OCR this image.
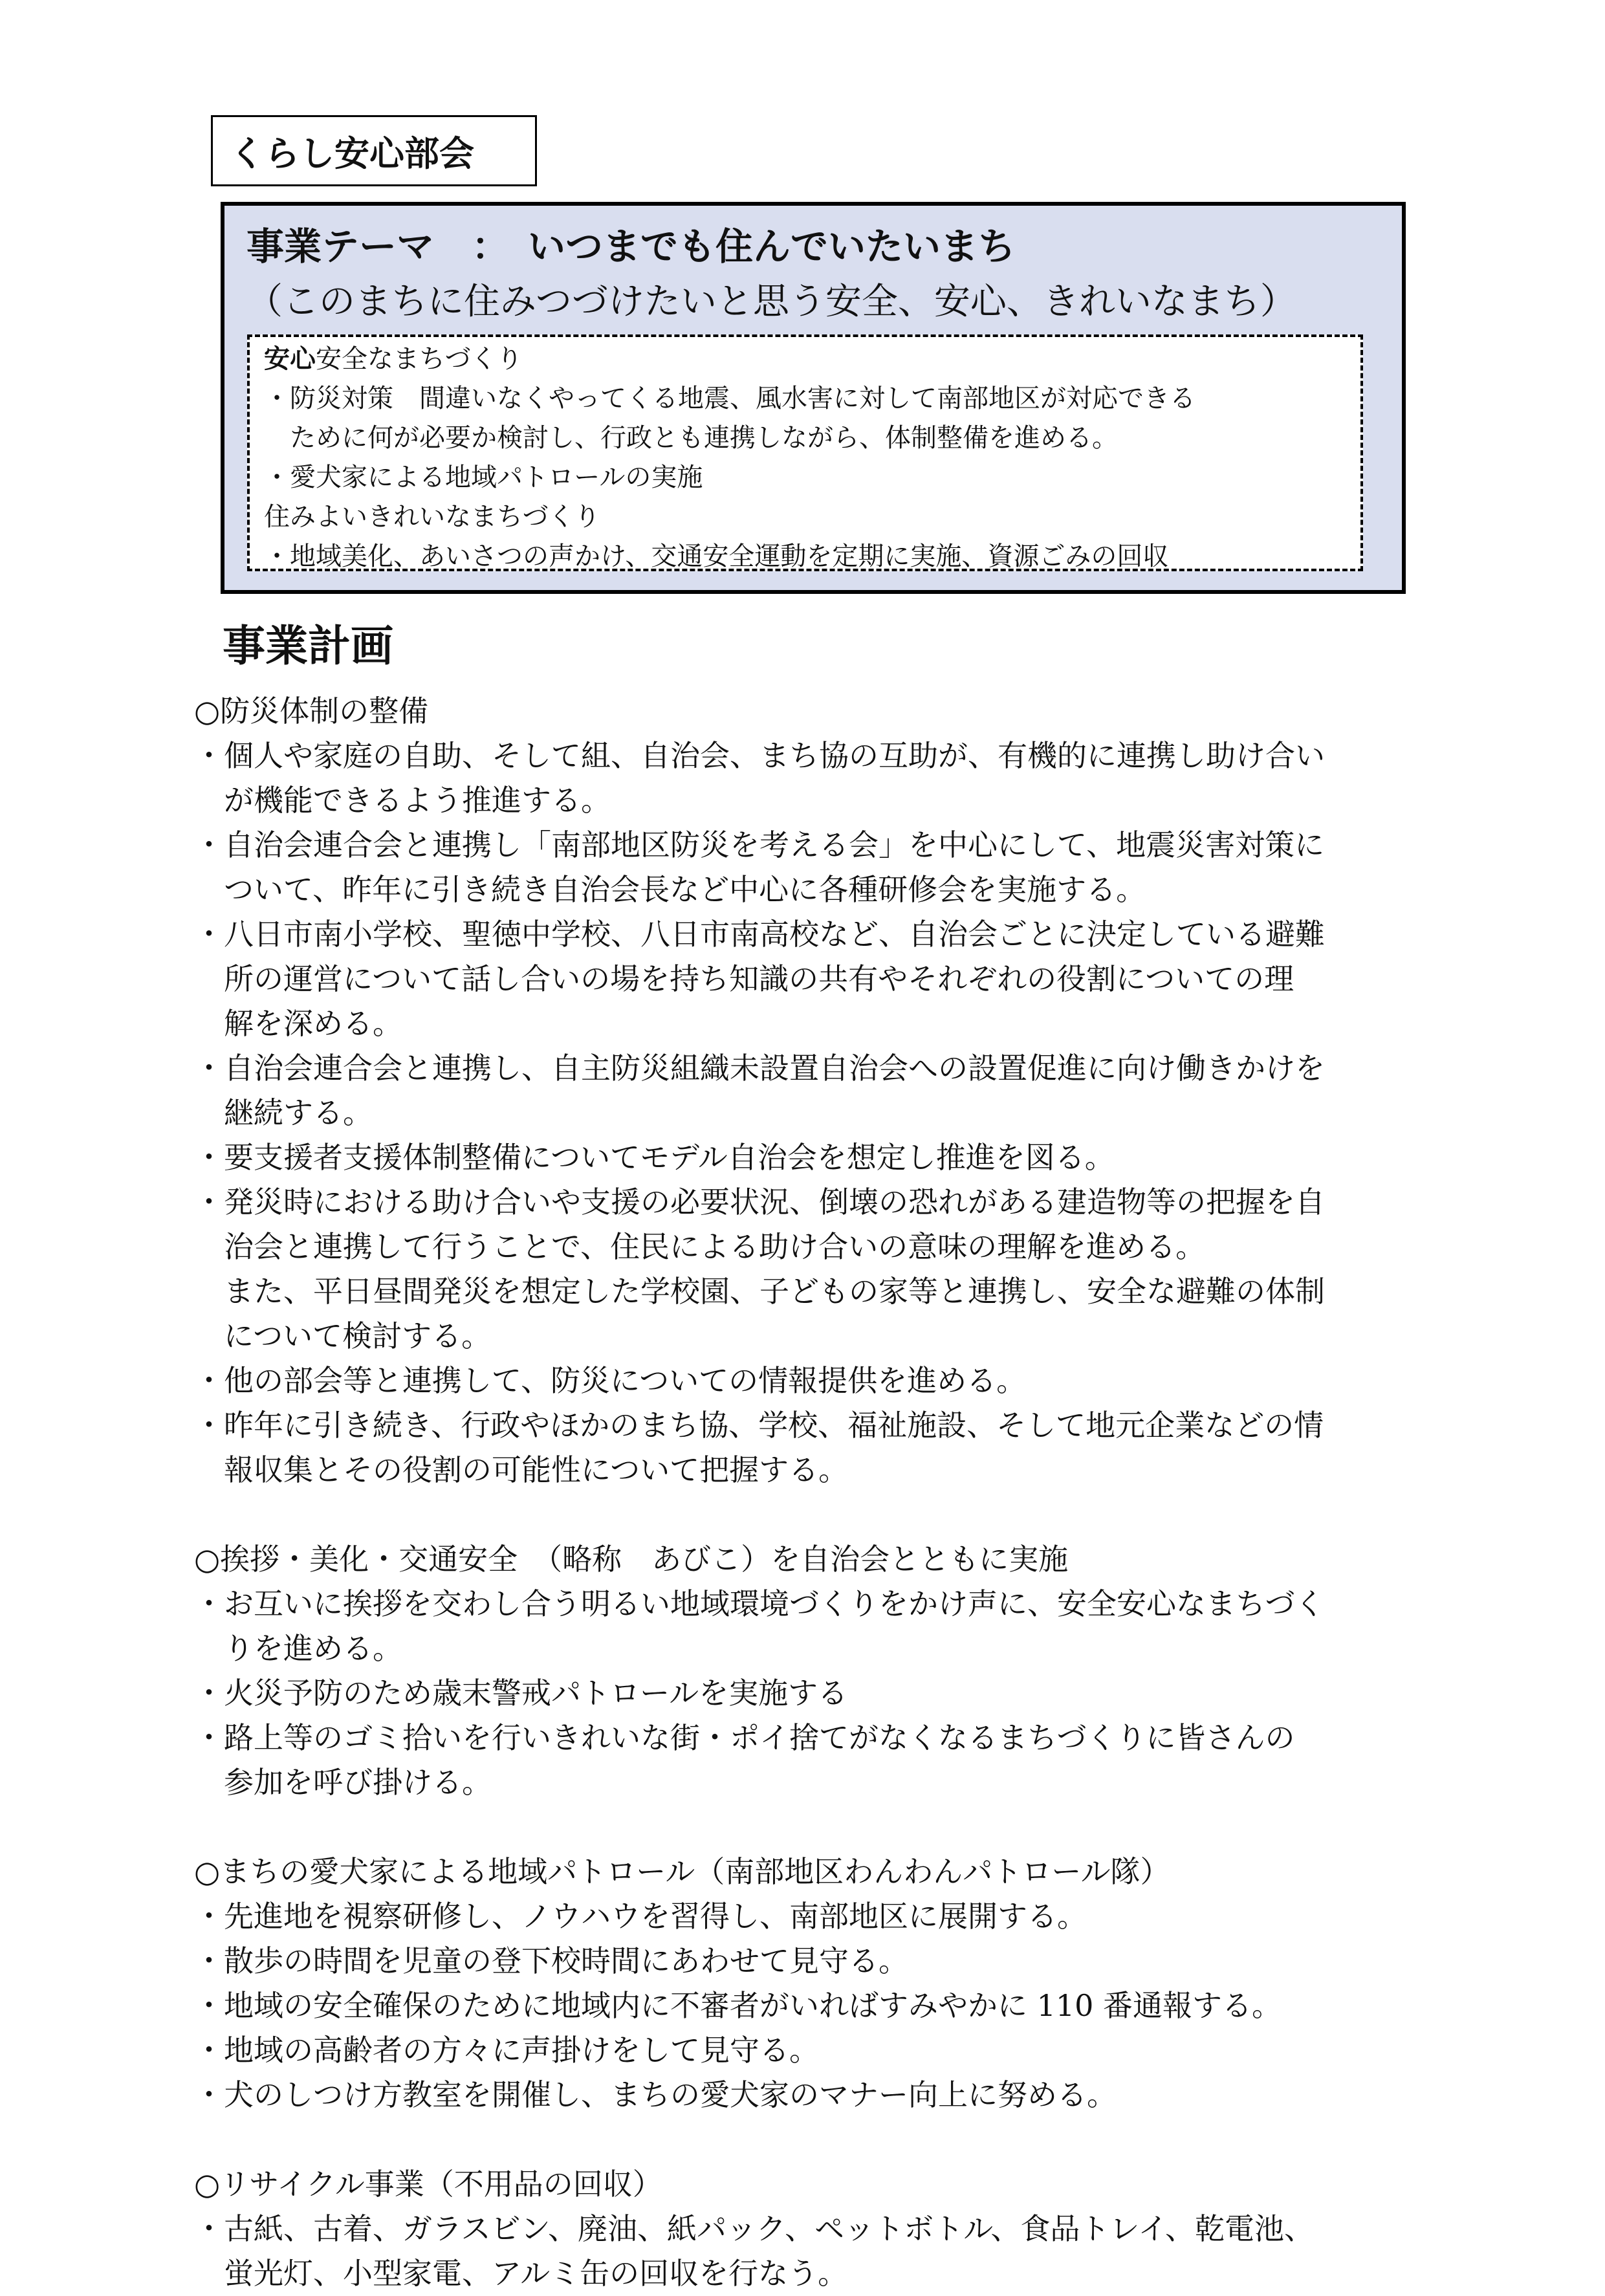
くらし安心部会
事業テーマ　：　いつまでも住んでいたいまち
（このまちに住みつづけたいと思う安全、安心、きれいなまち）
安心安全なまちづくり
・防災対策　間違いなくやってくる地震、風水害に対して南部地区が対応できる
ために何が必要か検討し、行政とも連携しながら、体制整備を進める。
・愛犬家による地域パトロールの実施
住みよいきれいなまちづくり
・地域美化、あいさつの声かけ、交通安全運動を定期に実施、資源ごみの回収
事業計画
○防災体制の整備
・個人や家庭の自助、そして組、自治会、まち協の互助が、有機的に連携し助け合い
が機能できるよう推進する。
・自治会連合会と連携し「南部地区防災を考える会」を中心にして、地震災害対策に
ついて、昨年に引き続き自治会長など中心に各種研修会を実施する。
・八日市南小学校、聖徳中学校、八日市南高校など、自治会ごとに決定している避難
所の運営について話し合いの場を持ち知識の共有やそれぞれの役割についての理
解を深める。
・自治会連合会と連携し、自主防災組織未設置自治会への設置促進に向け働きかけを
継続する。
・要支援者支援体制整備についてモデル自治会を想定し推進を図る。
・発災時における助け合いや支援の必要状況、倒壊の恐れがある建造物等の把握を自
治会と連携して行うことで、住民による助け合いの意味の理解を進める。
また、平日昼間発災を想定した学校園、子どもの家等と連携し、安全な避難の体制
について検討する。
・他の部会等と連携して、防災についての情報提供を進める。
・昨年に引き続き、行政やほかのまち協、学校、福祉施設、そして地元企業などの情
報収集とその役割の可能性について把握する。
○挨拶・美化・交通安全　（略称　あびこ）を自治会とともに実施
・お互いに挨拶を交わし合う明るい地域環境づくりをかけ声に、安全安心なまちづく
りを進める。
・火災予防のため歳末警戒パトロールを実施する
・路上等のゴミ拾いを行いきれいな街・ポイ捨てがなくなるまちづくりに皆さんの
参加を呼び掛ける。
○まちの愛犬家による地域パトロール（南部地区わんわんパトロール隊）
・先進地を視察研修し、ノウハウを習得し、南部地区に展開する。
・散歩の時間を児童の登下校時間にあわせて見守る。
・地域の安全確保のために地域内に不審者がいればすみやかに 110 番通報する。
・地域の高齢者の方々に声掛けをして見守る。
・犬のしつけ方教室を開催し、まちの愛犬家のマナー向上に努める。
○リサイクル事業（不用品の回収）
・古紙、古着、ガラスビン、廃油、紙パック、ペットボトル、食品トレイ、乾電池、
蛍光灯、小型家電、アルミ缶の回収を行なう。
